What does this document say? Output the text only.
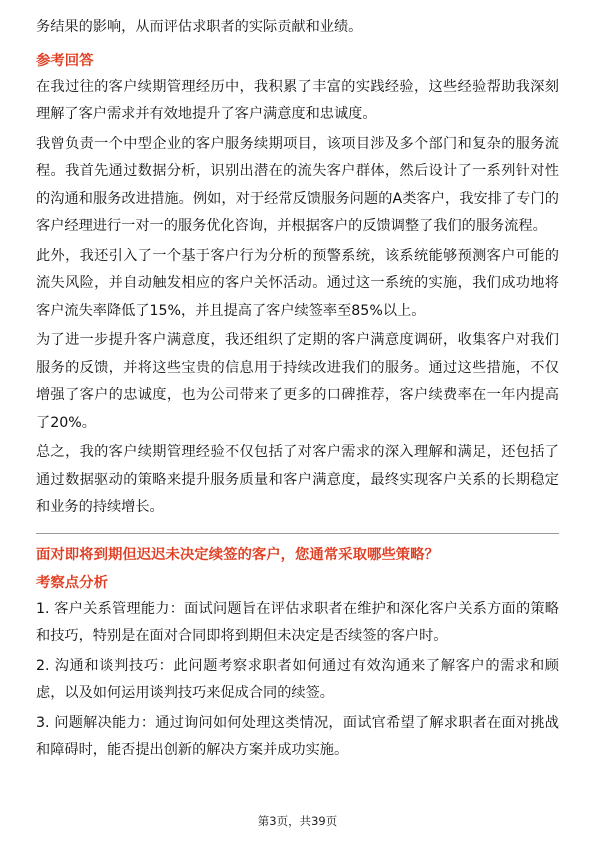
务结果的影响，从而评估求职者的实际贡献和业绩。

参考回答

在我过往的客户续期管理经历中，我积累了丰富的实践经验，这些经验帮助我深刻理解了客户需求并有效地提升了客户满意度和忠诚度。

我曾负责一个中型企业的客户服务续期项目，该项目涉及多个部门和复杂的服务流程。我首先通过数据分析，识别出潜在的流失客户群体，然后设计了一系列针对性的沟通和服务改进措施。例如，对于经常反馈服务问题的A类客户，我安排了专门的客户经理进行一对一的服务优化咨询，并根据客户的反馈调整了我们的服务流程。

此外，我还引入了一个基于客户行为分析的预警系统，该系统能够预测客户可能的流失风险，并自动触发相应的客户关怀活动。通过这一系统的实施，我们成功地将客户流失率降低了15%，并且提高了客户续签率至85%以上。

为了进一步提升客户满意度，我还组织了定期的客户满意度调研，收集客户对我们服务的反馈，并将这些宝贵的信息用于持续改进我们的服务。通过这些措施，不仅增强了客户的忠诚度，也为公司带来了更多的口碑推荐，客户续费率在一年内提高了20%。

总之，我的客户续期管理经验不仅包括了对客户需求的深入理解和满足，还包括了通过数据驱动的策略来提升服务质量和客户满意度，最终实现客户关系的长期稳定和业务的持续增长。

面对即将到期但迟迟未决定续签的客户，您通常采取哪些策略？
考察点分析

1. 客户关系管理能力：面试问题旨在评估求职者在维护和深化客户关系方面的策略和技巧，特别是在面对合同即将到期但未决定是否续签的客户时。

2. 沟通和谈判技巧：此问题考察求职者如何通过有效沟通来了解客户的需求和顾虑，以及如何运用谈判技巧来促成合同的续签。

3. 问题解决能力：通过询问如何处理这类情况，面试官希望了解求职者在面对挑战和障碍时，能否提出创新的解决方案并成功实施。

第3页，共39页
